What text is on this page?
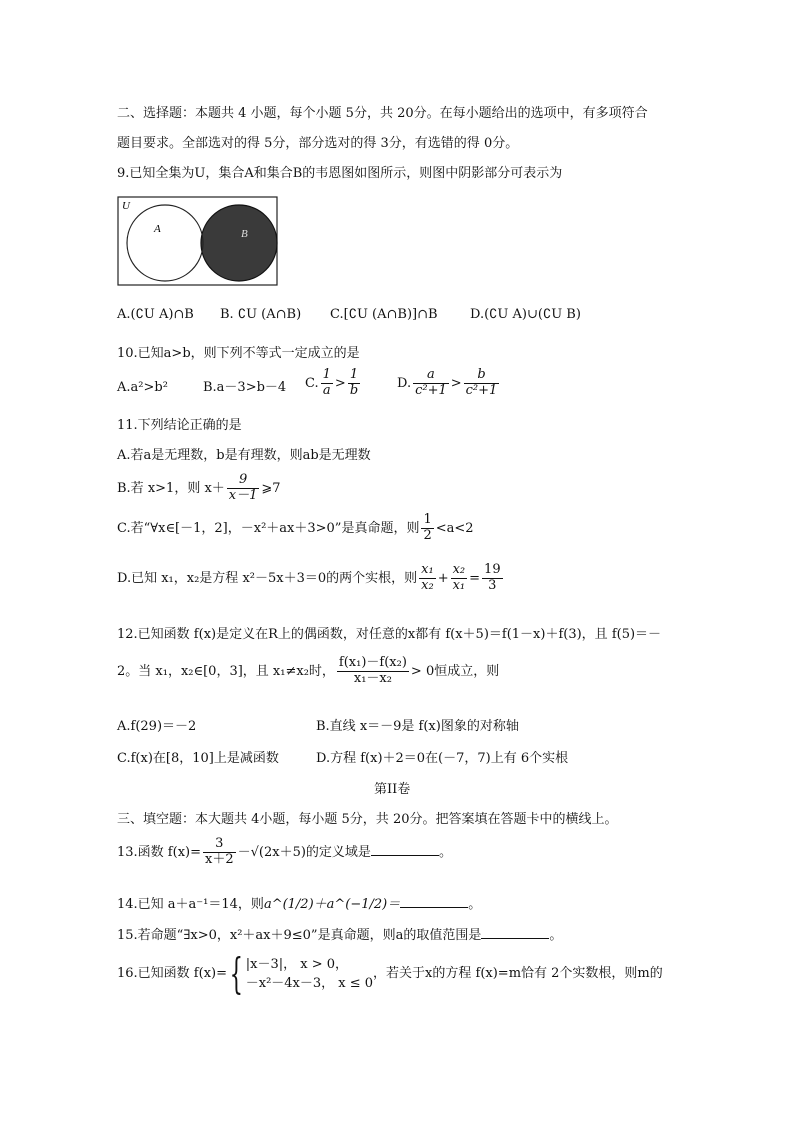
二、选择题：本题共 4 小题，每个小题 5分，共 20分。在每小题给出的选项中，有多项符合
题目要求。全部选对的得 5分，部分选对的得 3分，有选错的得 0分。
9.已知全集为U，集合A和集合B的韦恩图如图所示，则图中阴影部分可表示为
U
A	B
A.(∁U A)∩B B. ∁U (A∩B) C.[∁U (A∩B)]∩B D.(∁U A)∪(∁U B)
10.已知a>b，则下列不等式一定成立的是
A.a²>b²	B.a－3>b－4 C. $\frac{1}{a} > \frac{1}{b}$	D. $\frac{a}{\text{c²+1}} > \frac{b}{\text{c²+1}}$
11.下列结论正确的是
A.若a是无理数，b是有理数，则ab是无理数
B.若 x>1，则 $x+ \frac{9}{x-1}$ ⩾7
C.若“∀x∈[－1，2]，－x²＋ax＋3>0”是真命题，则 $\frac{1}{2} <a<2$
D.已知 x₁，x₂是方程 x²－5x＋3＝0的两个实根，则 $\frac{\text{x₁}}{\text{x₂}} + \frac{\text{x₂}}{\text{x₁}} = \frac{19}{3}$
12.已知函数 f(x)是定义在R上的偶函数，对任意的x都有 f(x＋5)＝f(1－x)＋f(3)，且 f(5)＝－
2。当 x₁，x₂∈[0，3]，且 x₁≠x₂时， $\frac{\text{f(x₁)－f(x₂)}}{\text{x₁－x₂}} > 0$恒成立，则
A.f(29)＝－2	B.直线 x＝－9是 f(x)图象的对称轴
C.f(x)在[8，10]上是减函数	D.方程 f(x)＋2＝0在(－7，7)上有 6个实根
第II卷
三、填空题：本大题共 4小题，每小题 5分，共 20分。把答案填在答题卡中的横线上。
13.函数 $f(x)= \frac{3}{x+2} -√(2x+5)$的定义域是	。
14.已知 a＋a⁻¹＝14，则a^(1/2)＋a^(−1/2)＝	。
15.若命题“∃x>0，x²＋ax＋9≤0”是真命题，则a的取值范围是	。
16.已知函数 f(x)={ |x－3|， x > 0，
－x²－4x－3， x ≤ 0
，若关于x的方程 f(x)=m恰有 2个实数根，则m的
